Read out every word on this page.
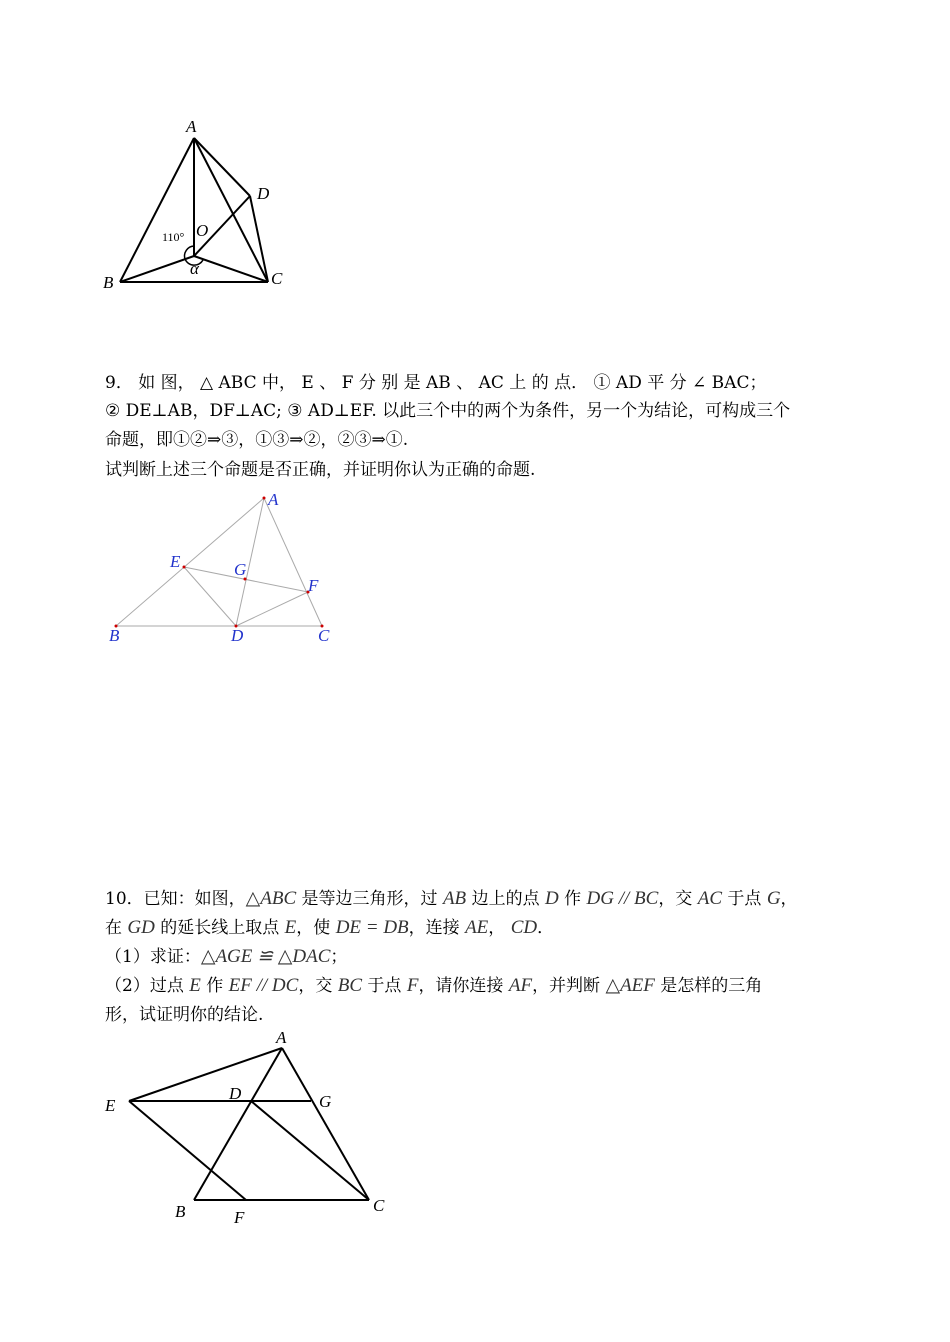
A
D
O
110°
α
B	C
9． 如 图， △ ABC 中， E 、 F 分 别 是 AB 、 AC 上 的 点． ① AD 平 分 ∠ BAC；
② DE⊥AB，DF⊥AC; ③ AD⊥EF. 以此三个中的两个为条件，另一个为结论，可构成三个
命题，即①②⇒③，①③⇒②，②③⇒①.
试判断上述三个命题是否正确，并证明你认为正确的命题.
A
E	G
F
B	D	C
10．已知：如图，△ABC 是等边三角形，过 AB 边上的点 D 作 DG // BC，交 AC 于点 G，
在 GD 的延长线上取点 E，使 DE = DB，连接 AE， CD．
（1）求证：△AGE ≌ △DAC；
（2）过点 E 作 EF // DC，交 BC 于点 F，请你连接 AF，并判断 △AEF 是怎样的三角
形，试证明你的结论.
A
E
D	G
B	F
C
